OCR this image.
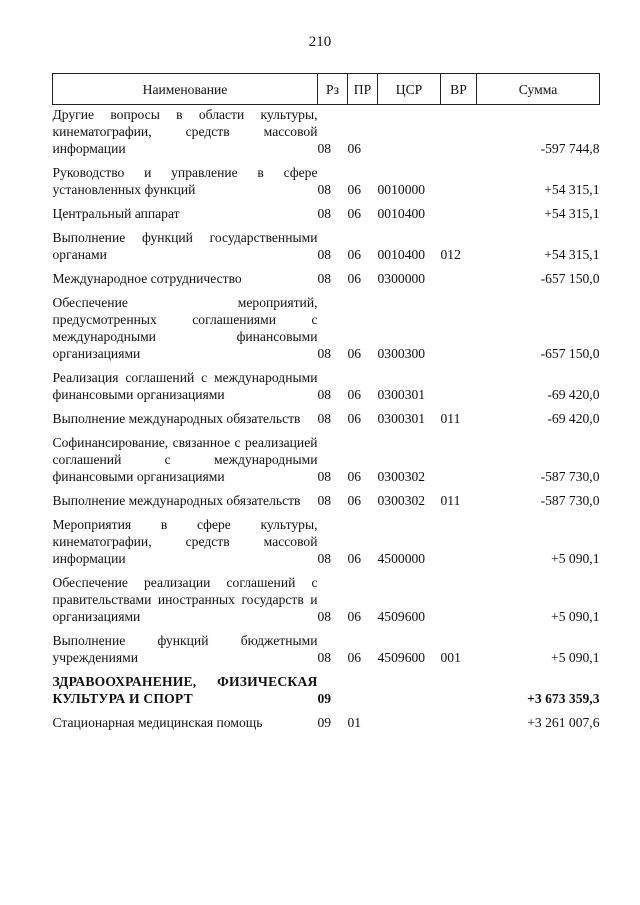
210
Наименование	Рз	ПР	ЦСР	ВР	Сумма
Другие вопросы в области культуры, кинематографии, средств массовой информации	08	06			-597 744,8
Руководство и управление в сфере установленных функций	08	06	0010000		+54 315,1
Центральный аппарат	08	06	0010400		+54 315,1
Выполнение функций государственными органами	08	06	0010400	012	+54 315,1
Международное сотрудничество	08	06	0300000		-657 150,0
Обеспечение мероприятий, предусмотренных соглашениями с международными финансовыми организациями	08	06	0300300		-657 150,0
Реализация соглашений с международными финансовыми организациями	08	06	0300301		-69 420,0
Выполнение международных обязательств	08	06	0300301	011	-69 420,0
Софинансирование, связанное с реализацией соглашений с международными финансовыми организациями	08	06	0300302		-587 730,0
Выполнение международных обязательств	08	06	0300302	011	-587 730,0
Мероприятия в сфере культуры, кинематографии, средств массовой информации	08	06	4500000		+5 090,1
Обеспечение реализации соглашений с правительствами иностранных государств и организациями	08	06	4509600		+5 090,1
Выполнение функций бюджетными учреждениями	08	06	4509600	001	+5 090,1
ЗДРАВООХРАНЕНИЕ, ФИЗИЧЕСКАЯ КУЛЬТУРА И СПОРТ	09				+3 673 359,3
Стационарная медицинская помощь	09	01			+3 261 007,6
